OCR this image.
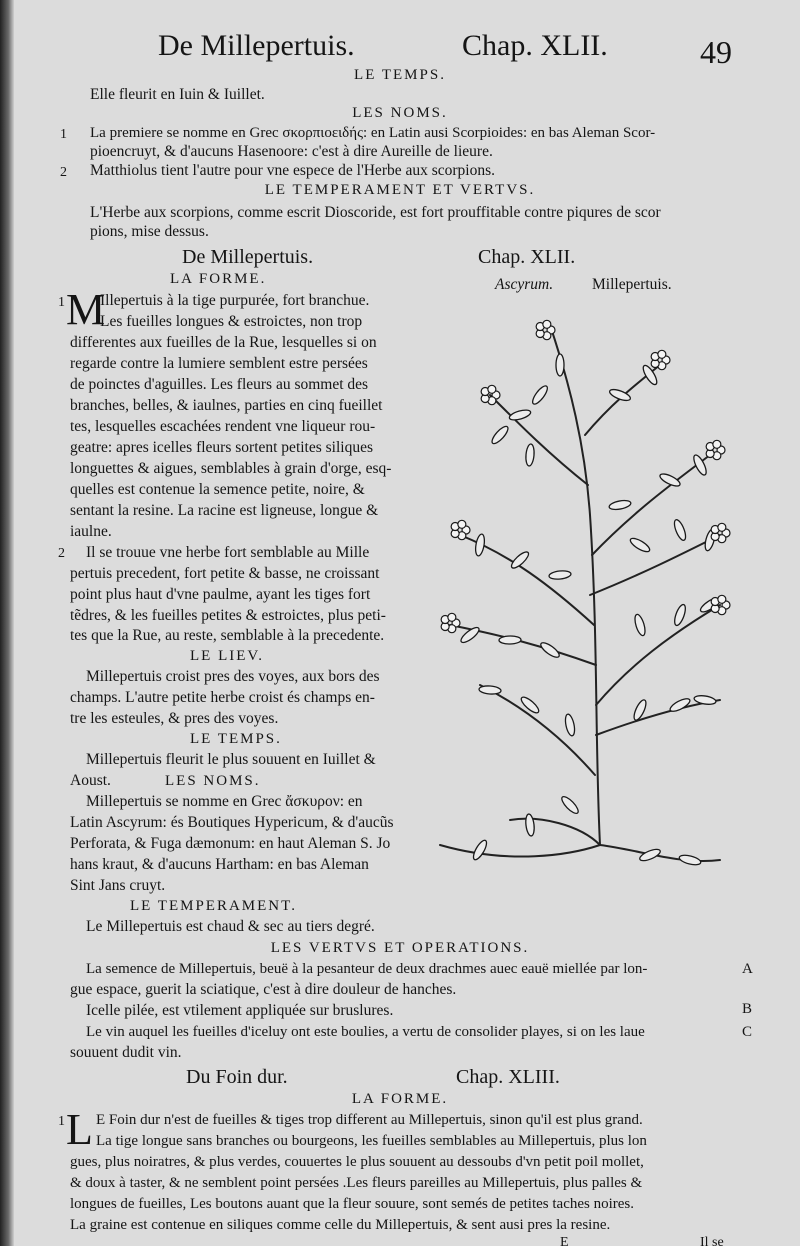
De Millepertuis.	Chap. XLII.	49
LE TEMPS.
Elle fleurit en Iuin & Iuillet.
LES NOMS.
1 La premiere se nomme en Grec σκορπιοειδής: en Latin ausi Scorpioides: en bas Aleman Scor-
pioencruyt, & d'aucuns Hasenoore: c'est à dire Aureille de lieure.
2 Matthiolus tient l'autre pour vne espece de l'Herbe aux scorpions.
LE TEMPERAMENT ET VERTVS.
L'Herbe aux scorpions, comme escrit Dioscoride, est fort prouffitable contre piqures de scor
pions, mise dessus.
De Millepertuis.	Chap. XLII.
Ascyrum.	Millepertuis.
LA FORME.
1 M
Illepertuis à la tige purpurée, fort branchue.
Les fueilles longues & estroictes, non trop
differentes aux fueilles de la Rue, lesquelles si on
regarde contre la lumiere semblent estre persées
de poinctes d'aguilles. Les fleurs au sommet des
branches, belles, & iaulnes, parties en cinq fueillet
tes, lesquelles escachées rendent vne liqueur rou-
geatre: apres icelles fleurs sortent petites siliques
longuettes & aigues, semblables à grain d'orge, esq-
quelles est contenue la semence petite, noire, &
sentant la resine. La racine est ligneuse, longue &
iaulne.
2 Il se trouue vne herbe fort semblable au Mille
pertuis precedent, fort petite & basse, ne croissant
point plus haut d'vne paulme, ayant les tiges fort
tẽdres, & les fueilles petites & estroictes, plus peti-
tes que la Rue, au reste, semblable à la precedente.
LE LIEV.
Millepertuis croist pres des voyes, aux bors des
champs. L'autre petite herbe croist és champs en-
tre les esteules, & pres des voyes.
LE TEMPS.
Millepertuis fleurit le plus souuent en Iuillet &
Aoust.	LES NOMS.
Millepertuis se nomme en Grec ἄσκυρον: en
Latin Ascyrum: és Boutiques Hypericum, & d'aucũs
Perforata, & Fuga dæmonum: en haut Aleman S. Jo
hans kraut, & d'aucuns Hartham: en bas Aleman
Sint Jans cruyt.
LE TEMPERAMENT.
Le Millepertuis est chaud & sec au tiers degré.
LES VERTVS ET OPERATIONS.
La semence de Millepertuis, beuë à la pesanteur de deux drachmes auec eauë miellée par lon-
gue espace, guerit la sciatique, c'est à dire douleur de hanches.
Icelle pilée, est vtilement appliquée sur bruslures.
Le vin auquel les fueilles d'iceluy ont este boulies, a vertu de consolider playes, si on les laue
souuent dudit vin.
A
B
C
Du Foin dur.	Chap. XLIII.
LA FORME.
1 L E Foin dur n'est de fueilles & tiges trop different au Millepertuis, sinon qu'il est plus grand.
La tige longue sans branches ou bourgeons, les fueilles semblables au Millepertuis, plus lon
gues, plus noiratres, & plus verdes, couuertes le plus souuent au dessoubs d'vn petit poil mollet,
& doux à taster, & ne semblent point persées .Les fleurs pareilles au Millepertuis, plus palles &
longues de fueilles, Les boutons auant que la fleur souure, sont semés de petites taches noires.
La graine est contenue en siliques comme celle du Millepertuis, & sent ausi pres la resine.
E	Il se
